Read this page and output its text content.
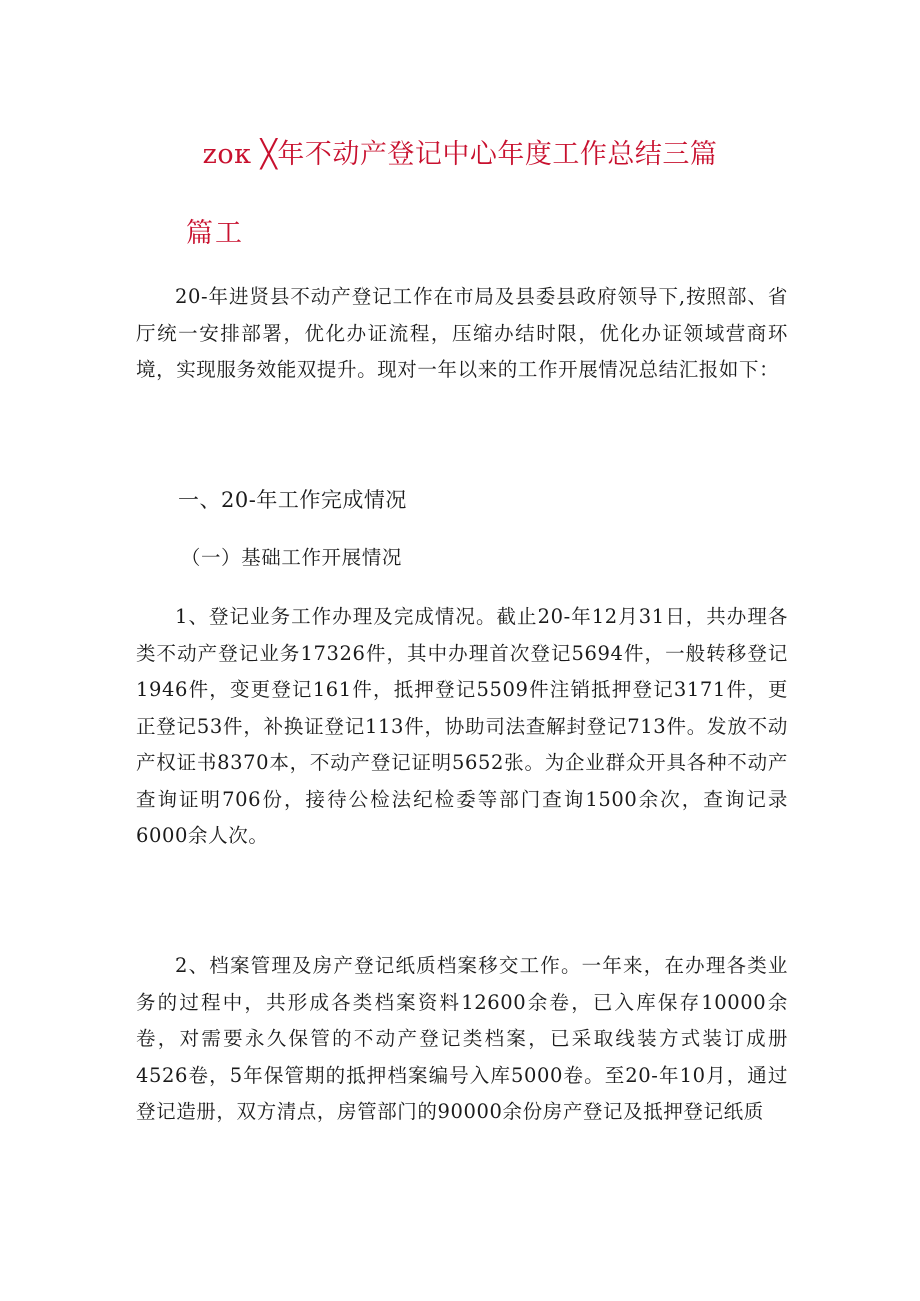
zoк ╳年不动产登记中心年度工作总结三篇
篇工

20-年进贤县不动产登记工作在市局及县委县政府领导下,按照部、省厅统一安排部署，优化办证流程，压缩办结时限，优化办证领域营商环境，实现服务效能双提升。现对一年以来的工作开展情况总结汇报如下：

一、20-年工作完成情况

（一）基础工作开展情况

1、登记业务工作办理及完成情况。截止20-年12月31日，共办理各类不动产登记业务17326件，其中办理首次登记5694件，一般转移登记1946件，变更登记161件，抵押登记5509件注销抵押登记3171件，更正登记53件，补换证登记113件，协助司法查解封登记713件。发放不动产权证书8370本，不动产登记证明5652张。为企业群众开具各种不动产查询证明706份，接待公检法纪检委等部门查询1500余次，查询记录6000余人次。

2、档案管理及房产登记纸质档案移交工作。一年来，在办理各类业务的过程中，共形成各类档案资料12600余卷，已入库保存10000余卷，对需要永久保管的不动产登记类档案，已采取线装方式装订成册4526卷，5年保管期的抵押档案编号入库5000卷。至20-年10月，通过登记造册，双方清点，房管部门的90000余份房产登记及抵押登记纸质
